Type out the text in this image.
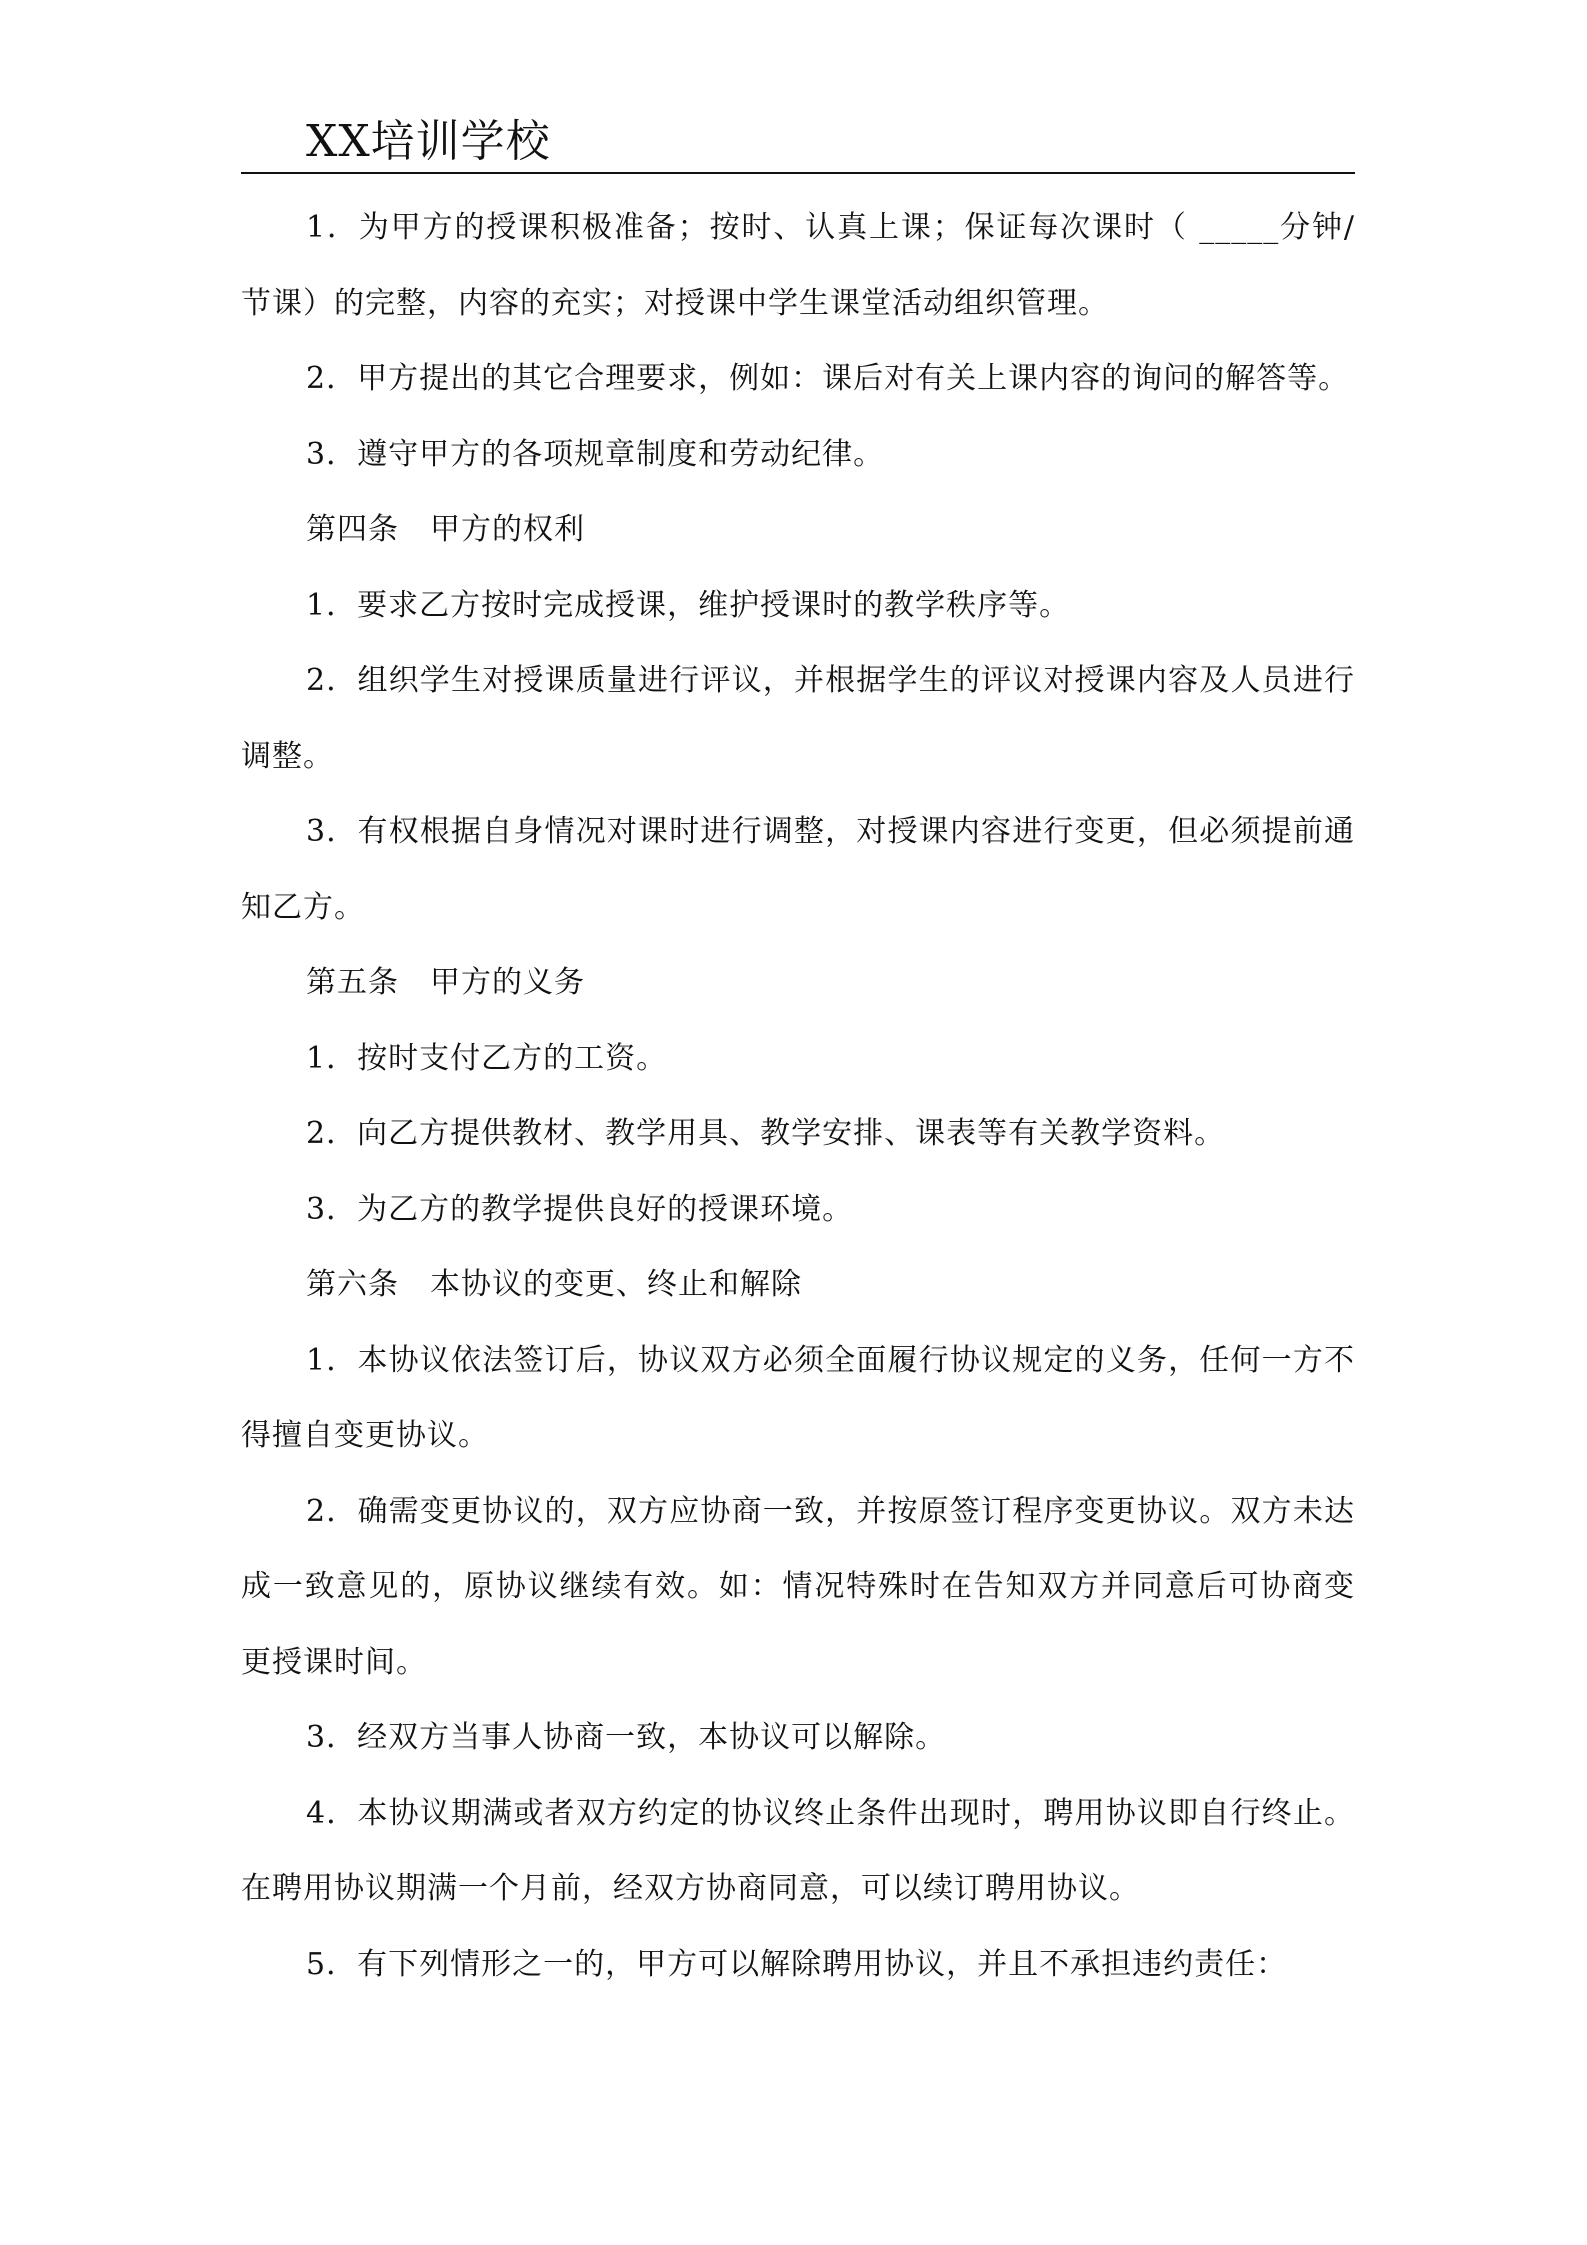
XX培训学校

1．为甲方的授课积极准备；按时、认真上课；保证每次课时（ _____分钟/节课）的完整，内容的充实；对授课中学生课堂活动组织管理。

2．甲方提出的其它合理要求，例如：课后对有关上课内容的询问的解答等。

3．遵守甲方的各项规章制度和劳动纪律。

第四条　甲方的权利

1．要求乙方按时完成授课，维护授课时的教学秩序等。

2．组织学生对授课质量进行评议，并根据学生的评议对授课内容及人员进行调整。

3．有权根据自身情况对课时进行调整，对授课内容进行变更，但必须提前通知乙方。

第五条　甲方的义务

1．按时支付乙方的工资。

2．向乙方提供教材、教学用具、教学安排、课表等有关教学资料。

3．为乙方的教学提供良好的授课环境。

第六条　本协议的变更、终止和解除

1．本协议依法签订后，协议双方必须全面履行协议规定的义务，任何一方不得擅自变更协议。

2．确需变更协议的，双方应协商一致，并按原签订程序变更协议。双方未达成一致意见的，原协议继续有效。如：情况特殊时在告知双方并同意后可协商变更授课时间。

3．经双方当事人协商一致，本协议可以解除。

4．本协议期满或者双方约定的协议终止条件出现时，聘用协议即自行终止。在聘用协议期满一个月前，经双方协商同意，可以续订聘用协议。

5．有下列情形之一的，甲方可以解除聘用协议，并且不承担违约责任：
